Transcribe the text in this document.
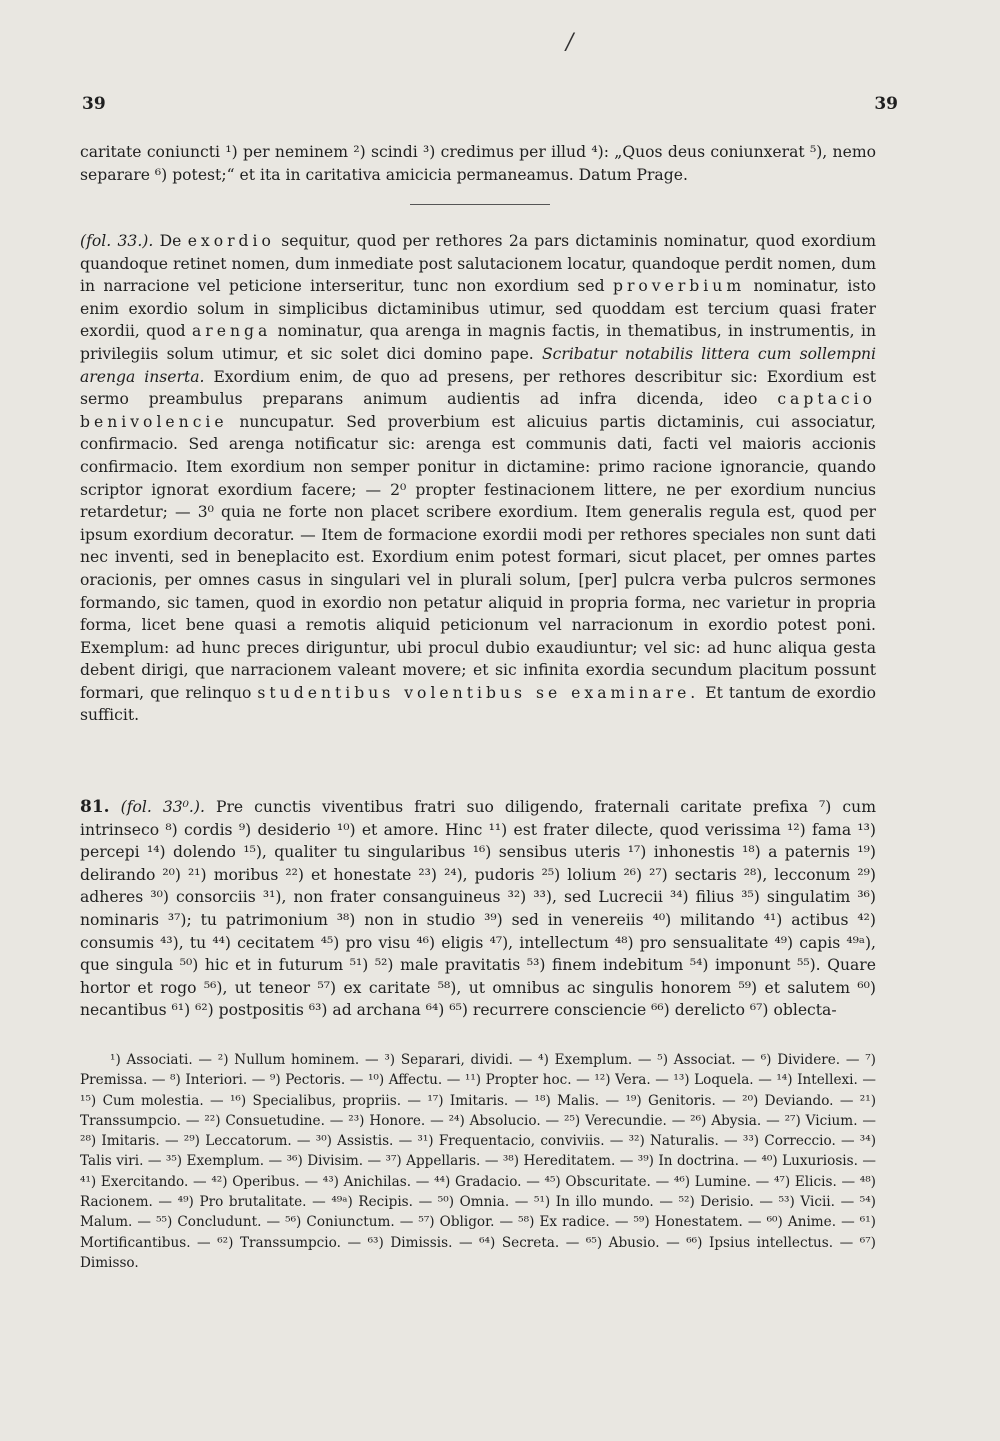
/
39	39

caritate coniuncti ¹) per neminem ²) scindi ³) credimus per illud ⁴): „Quos deus coniunxerat ⁵), nemo separare ⁶) potest;“ et ita in caritativa amicicia permaneamus. Datum Prage.

(fol. 33.). De exordio sequitur, quod per rethores 2a pars dictaminis nominatur, quod exordium quandoque retinet nomen, dum inmediate post salutacionem locatur, quandoque perdit nomen, dum in narracione vel peticione interseritur, tunc non exordium sed proverbium nominatur, isto enim exordio solum in simplicibus dictaminibus utimur, sed quoddam est tercium quasi frater exordii, quod arenga nominatur, qua arenga in magnis factis, in thematibus, in instrumentis, in privilegiis solum utimur, et sic solet dici domino pape. Scribatur notabilis littera cum sollempni arenga inserta. Exordium enim, de quo ad presens, per rethores describitur sic: Exordium est sermo preambulus preparans animum audientis ad infra dicenda, ideo captacio benivolencie nuncupatur. Sed proverbium est alicuius partis dictaminis, cui associatur, confirmacio. Sed arenga notificatur sic: arenga est communis dati, facti vel maioris accionis confirmacio. Item exordium non semper ponitur in dictamine: primo racione ignorancie, quando scriptor ignorat exordium facere; — 2⁰ propter festinacionem littere, ne per exordium nuncius retardetur; — 3⁰ quia ne forte non placet scribere exordium. Item generalis regula est, quod per ipsum exordium decoratur. — Item de formacione exordii modi per rethores speciales non sunt dati nec inventi, sed in beneplacito est. Exordium enim potest formari, sicut placet, per omnes partes oracionis, per omnes casus in singulari vel in plurali solum, [per] pulcra verba pulcros sermones formando, sic tamen, quod in exordio non petatur aliquid in propria forma, nec varietur in propria forma, licet bene quasi a remotis aliquid peticionum vel narracionum in exordio potest poni. Exemplum: ad hunc preces diriguntur, ubi procul dubio exaudiuntur; vel sic: ad hunc aliqua gesta debent dirigi, que narracionem valeant movere; et sic infinita exordia secundum placitum possunt formari, que relinquo studentibus volentibus se examinare. Et tantum de exordio sufficit.

81. (fol. 33⁰.). Pre cunctis viventibus fratri suo diligendo, fraternali caritate prefixa ⁷) cum intrinseco ⁸) cordis ⁹) desiderio ¹⁰) et amore. Hinc ¹¹) est frater dilecte, quod verissima ¹²) fama ¹³) percepi ¹⁴) dolendo ¹⁵), qualiter tu singularibus ¹⁶) sensibus uteris ¹⁷) inhonestis ¹⁸) a paternis ¹⁹) delirando ²⁰) ²¹) moribus ²²) et honestate ²³) ²⁴), pudoris ²⁵) lolium ²⁶) ²⁷) sectaris ²⁸), lecconum ²⁹) adheres ³⁰) consorciis ³¹), non frater consanguineus ³²) ³³), sed Lucrecii ³⁴) filius ³⁵) singulatim ³⁶) nominaris ³⁷); tu patrimonium ³⁸) non in studio ³⁹) sed in venereiis ⁴⁰) militando ⁴¹) actibus ⁴²) consumis ⁴³), tu ⁴⁴) cecitatem ⁴⁵) pro visu ⁴⁶) eligis ⁴⁷), intellectum ⁴⁸) pro sensualitate ⁴⁹) capis ⁴⁹ᵃ), que singula ⁵⁰) hic et in futurum ⁵¹) ⁵²) male pravitatis ⁵³) finem indebitum ⁵⁴) imponunt ⁵⁵). Quare hortor et rogo ⁵⁶), ut teneor ⁵⁷) ex caritate ⁵⁸), ut omnibus ac singulis honorem ⁵⁹) et salutem ⁶⁰) necantibus ⁶¹) ⁶²) postpositis ⁶³) ad archana ⁶⁴) ⁶⁵) recurrere consciencie ⁶⁶) derelicto ⁶⁷) oblecta-

¹) Associati. — ²) Nullum hominem. — ³) Separari, dividi. — ⁴) Exemplum. — ⁵) Associat. — ⁶) Dividere. — ⁷) Premissa. — ⁸) Interiori. — ⁹) Pectoris. — ¹⁰) Affectu. — ¹¹) Propter hoc. — ¹²) Vera. — ¹³) Loquela. — ¹⁴) Intellexi. — ¹⁵) Cum molestia. — ¹⁶) Specialibus, propriis. — ¹⁷) Imitaris. — ¹⁸) Malis. — ¹⁹) Genitoris. — ²⁰) Deviando. — ²¹) Transsumpcio. — ²²) Consuetudine. — ²³) Honore. — ²⁴) Absolucio. — ²⁵) Verecundie. — ²⁶) Abysia. — ²⁷) Vicium. — ²⁸) Imitaris. — ²⁹) Leccatorum. — ³⁰) Assistis. — ³¹) Frequentacio, conviviis. — ³²) Naturalis. — ³³) Correccio. — ³⁴) Talis viri. — ³⁵) Exemplum. — ³⁶) Divisim. — ³⁷) Appellaris. — ³⁸) Hereditatem. — ³⁹) In doctrina. — ⁴⁰) Luxuriosis. — ⁴¹) Exercitando. — ⁴²) Operibus. — ⁴³) Anichilas. — ⁴⁴) Gradacio. — ⁴⁵) Obscuritate. — ⁴⁶) Lumine. — ⁴⁷) Elicis. — ⁴⁸) Racionem. — ⁴⁹) Pro brutalitate. — ⁴⁹ᵃ) Recipis. — ⁵⁰) Omnia. — ⁵¹) In illo mundo. — ⁵²) Derisio. — ⁵³) Vicii. — ⁵⁴) Malum. — ⁵⁵) Concludunt. — ⁵⁶) Coniunctum. — ⁵⁷) Obligor. — ⁵⁸) Ex radice. — ⁵⁹) Honestatem. — ⁶⁰) Anime. — ⁶¹) Mortificantibus. — ⁶²) Transsumpcio. — ⁶³) Dimissis. — ⁶⁴) Secreta. — ⁶⁵) Abusio. — ⁶⁶) Ipsius intellectus. — ⁶⁷) Dimisso.
